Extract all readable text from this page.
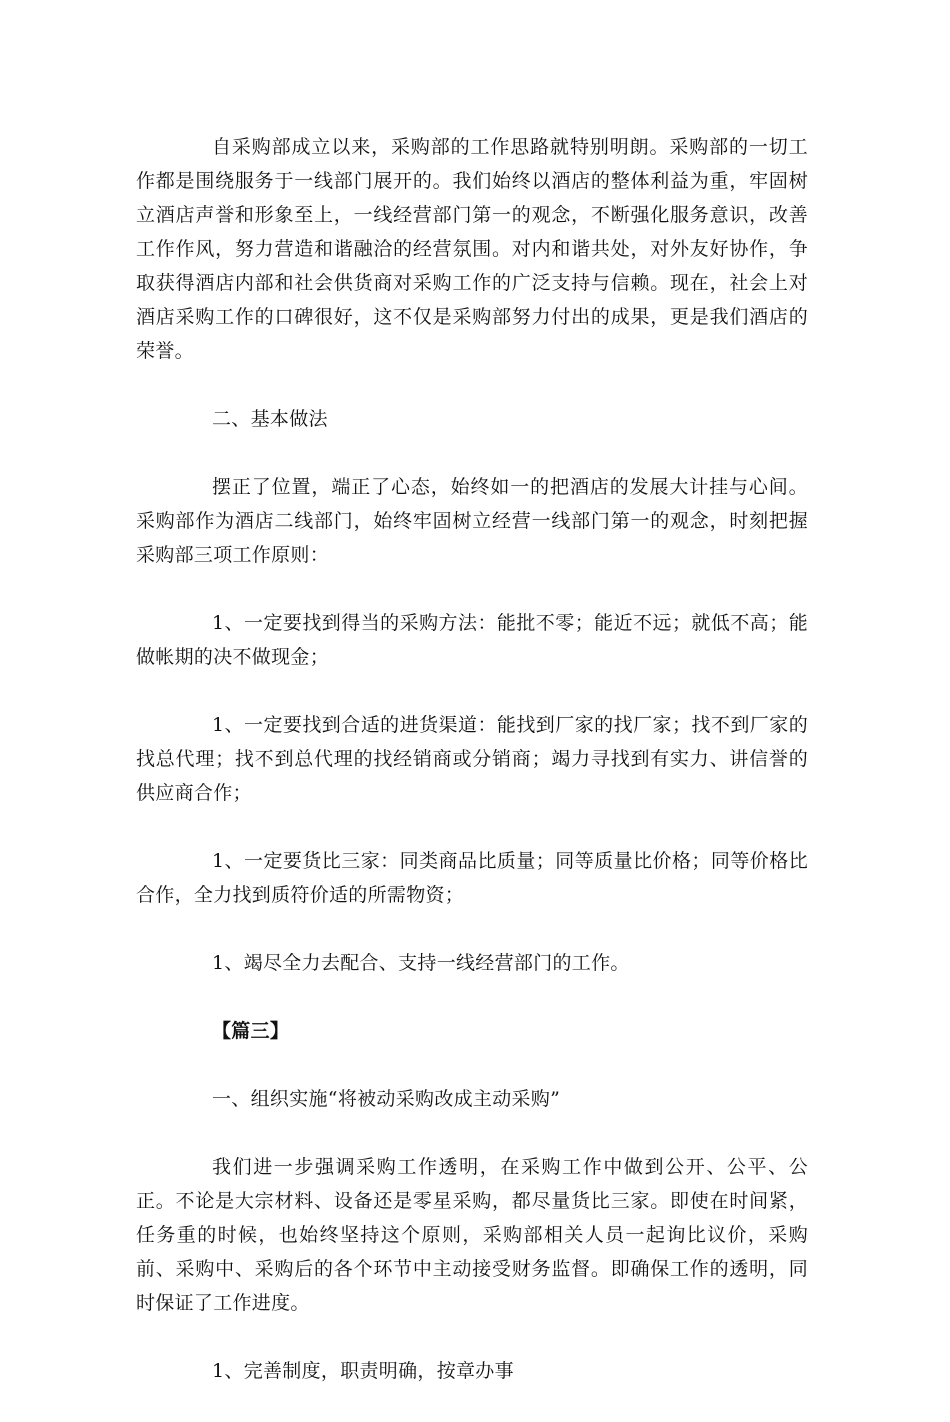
自采购部成立以来，采购部的工作思路就特别明朗。采购部的一切工作都是围绕服务于一线部门展开的。我们始终以酒店的整体利益为重，牢固树立酒店声誉和形象至上，一线经营部门第一的观念，不断强化服务意识，改善工作作风，努力营造和谐融洽的经营氛围。对内和谐共处，对外友好协作，争取获得酒店内部和社会供货商对采购工作的广泛支持与信赖。现在，社会上对酒店采购工作的口碑很好，这不仅是采购部努力付出的成果，更是我们酒店的荣誉。

二、基本做法

摆正了位置，端正了心态，始终如一的把酒店的发展大计挂与心间。采购部作为酒店二线部门，始终牢固树立经营一线部门第一的观念，时刻把握采购部三项工作原则：

1、一定要找到得当的采购方法：能批不零；能近不远；就低不高；能做帐期的决不做现金；

1、一定要找到合适的进货渠道：能找到厂家的找厂家；找不到厂家的找总代理；找不到总代理的找经销商或分销商；竭力寻找到有实力、讲信誉的供应商合作；

1、一定要货比三家：同类商品比质量；同等质量比价格；同等价格比合作，全力找到质符价适的所需物资；

1、竭尽全力去配合、支持一线经营部门的工作。

【篇三】

一、组织实施“将被动采购改成主动采购”

我们进一步强调采购工作透明，在采购工作中做到公开、公平、公正。不论是大宗材料、设备还是零星采购，都尽量货比三家。即使在时间紧，任务重的时候，也始终坚持这个原则，采购部相关人员一起询比议价，采购前、采购中、采购后的各个环节中主动接受财务监督。即确保工作的透明，同时保证了工作进度。

1、完善制度，职责明确，按章办事
